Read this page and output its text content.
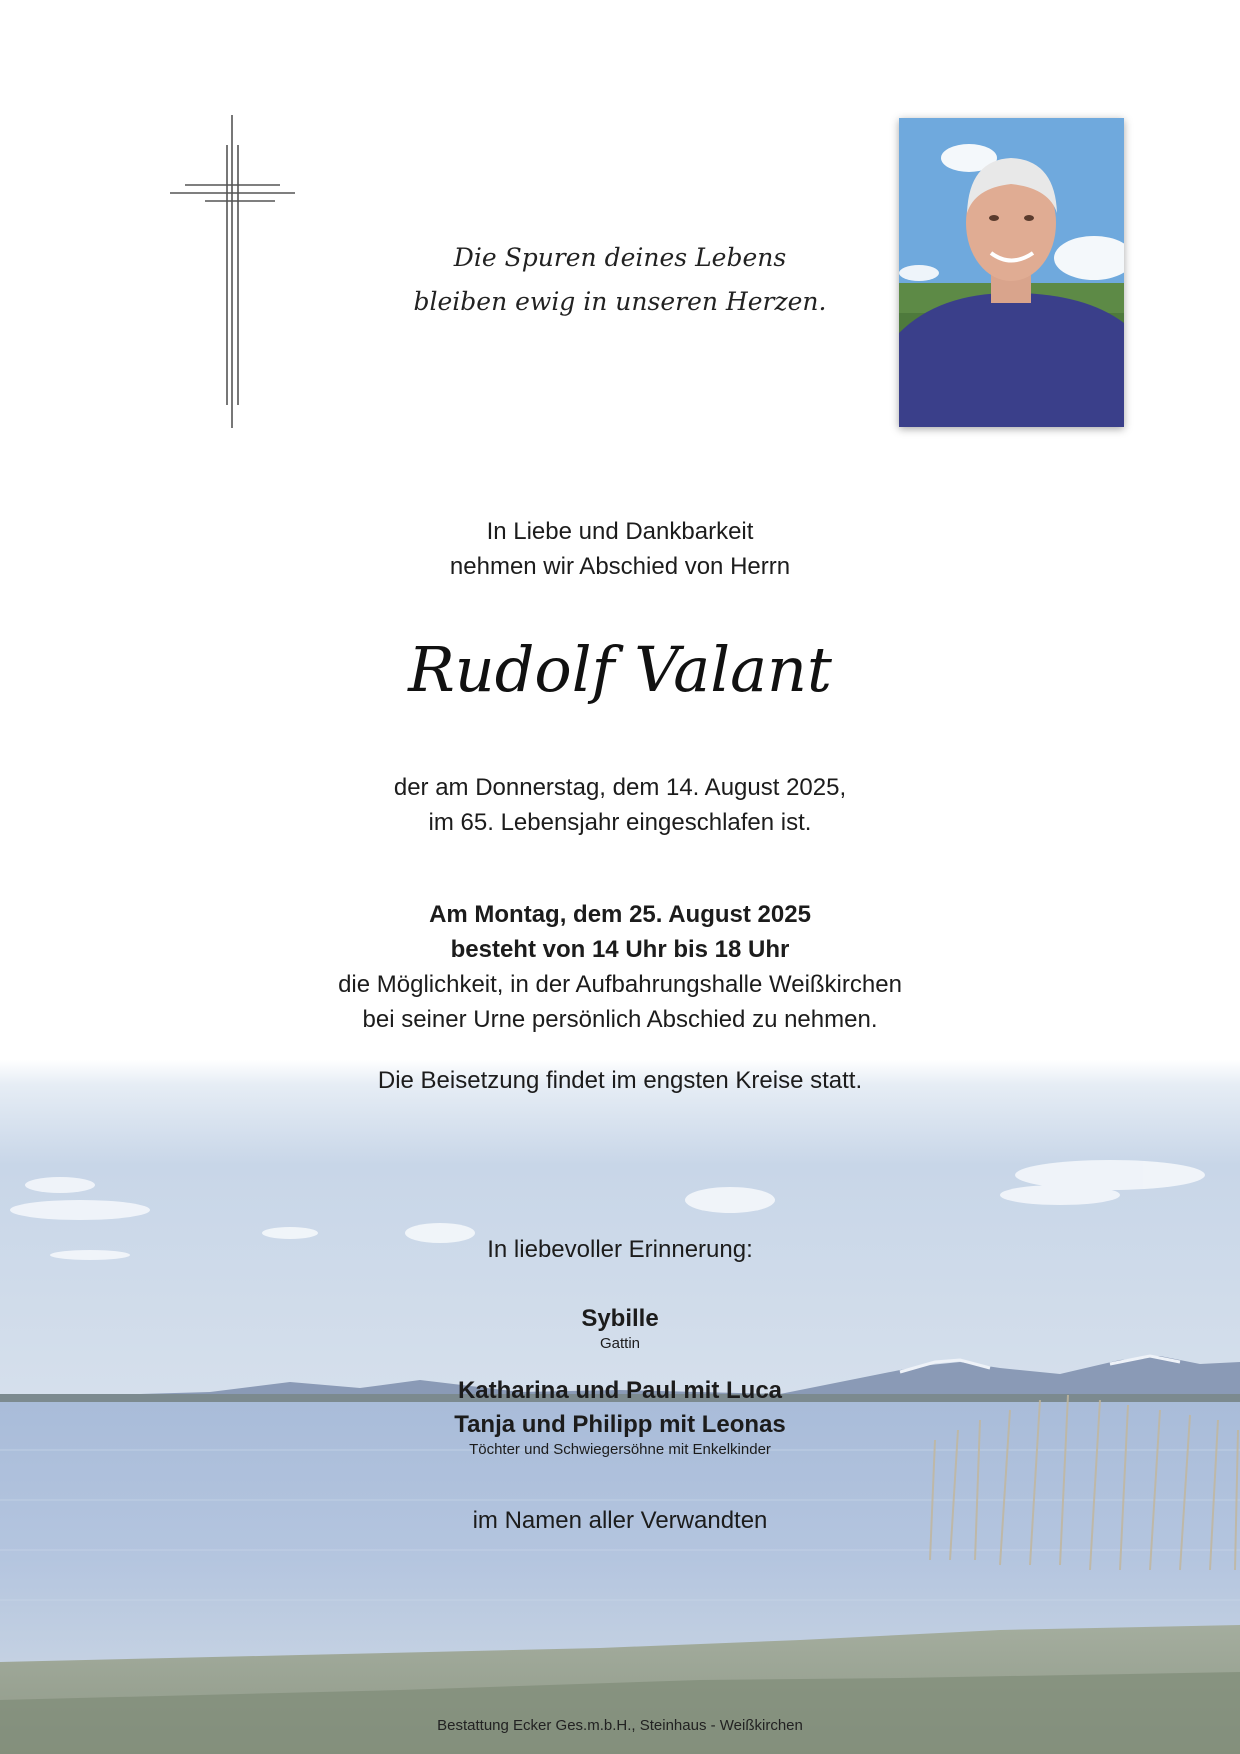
Die Spuren deines Lebens
bleiben ewig in unseren Herzen.
In Liebe und Dankbarkeit
nehmen wir Abschied von Herrn
Rudolf Valant
der am Donnerstag, dem 14. August 2025,
im 65. Lebensjahr eingeschlafen ist.
Am Montag, dem 25. August 2025
besteht von 14 Uhr bis 18 Uhr
die Möglichkeit, in der Aufbahrungshalle Weißkirchen
bei seiner Urne persönlich Abschied zu nehmen.
Die Beisetzung findet im engsten Kreise statt.
In liebevoller Erinnerung:
Sybille
Gattin
Katharina und Paul mit Luca
Tanja und Philipp mit Leonas
Töchter und Schwiegersöhne mit Enkelkinder
im Namen aller Verwandten
Bestattung Ecker Ges.m.b.H., Steinhaus - Weißkirchen
